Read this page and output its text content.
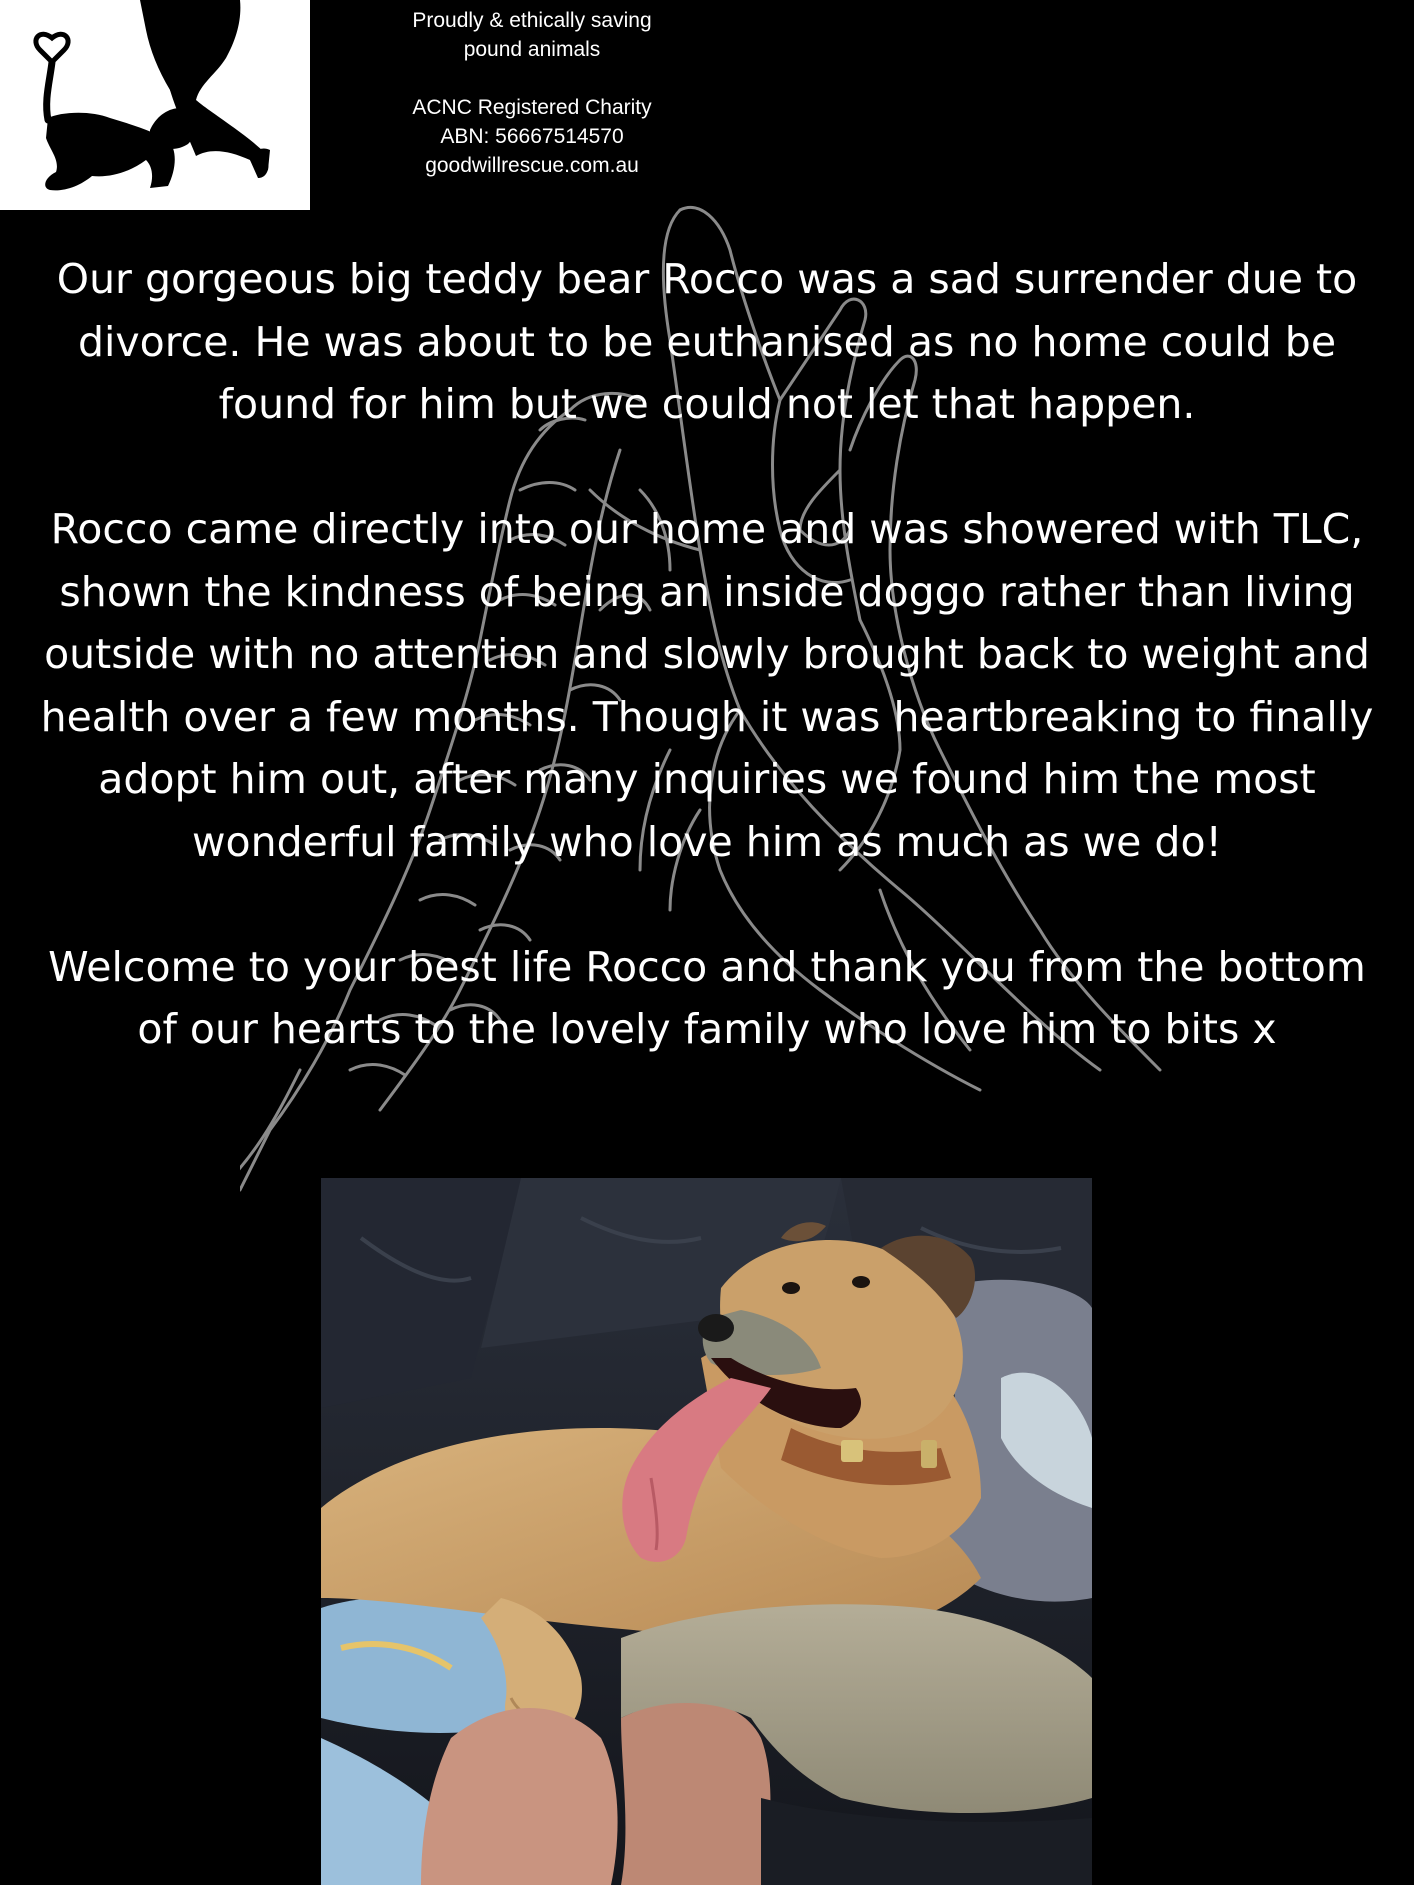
Proudly & ethically saving
pound animals
ACNC Registered Charity
ABN: 56667514570
goodwillrescue.com.au

Our gorgeous big teddy bear Rocco was a sad surrender due to divorce. He was about to be euthanised as no home could be found for him but we could not let that happen.

Rocco came directly into our home and was showered with TLC, shown the kindness of being an inside doggo rather than living outside with no attention and slowly brought back to weight and health over a few months. Though it was heartbreaking to finally adopt him out, after many inquiries we found him the most wonderful family who love him as much as we do!

Welcome to your best life Rocco and thank you from the bottom of our hearts to the lovely family who love him to bits x
